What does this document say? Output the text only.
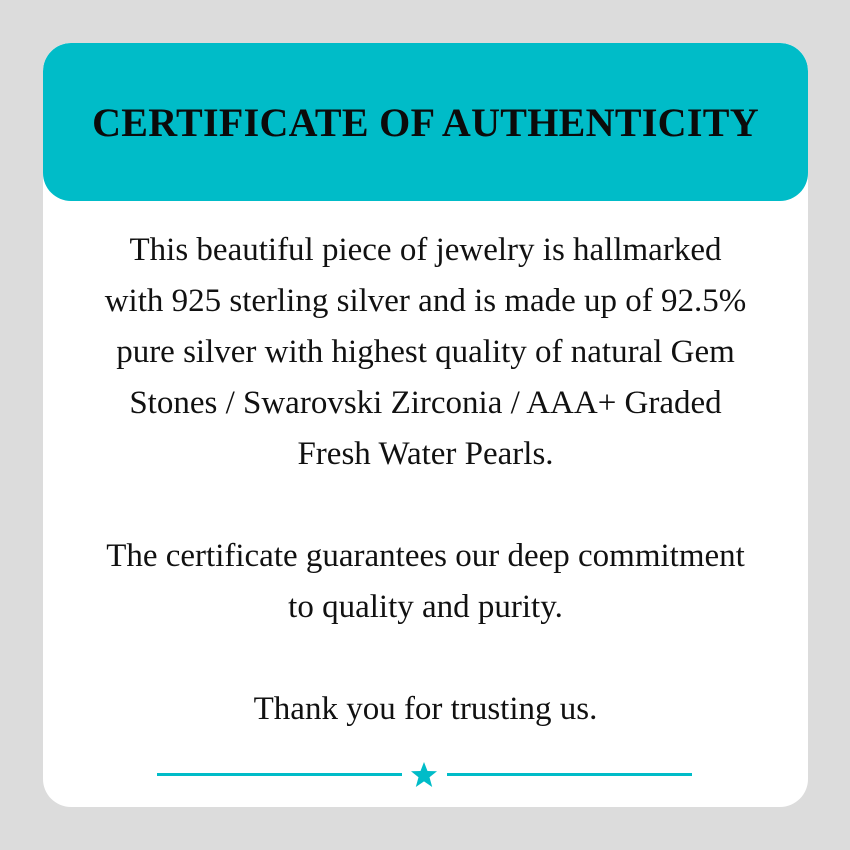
CERTIFICATE OF AUTHENTICITY
This beautiful piece of jewelry is hallmarked
with 925 sterling silver and is made up of 92.5%
pure silver with highest quality of natural Gem
Stones / Swarovski Zirconia / AAA+ Graded
Fresh Water Pearls.
The certificate guarantees our deep commitment
to quality and purity.
Thank you for trusting us.
